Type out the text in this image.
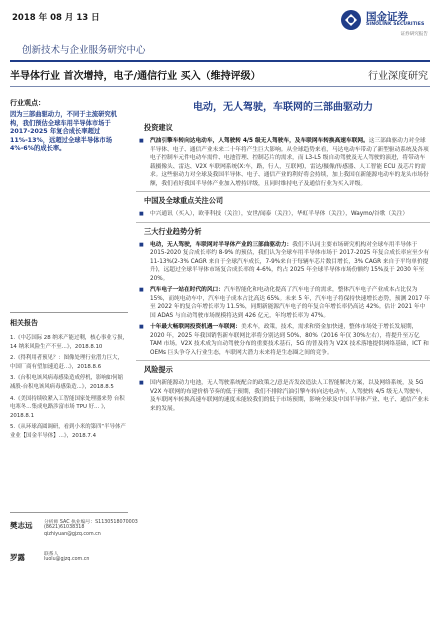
2018 年 08 月 13 日	国金证券
SINOLINK SECURITIES
证券研究报告
创新技术与企业服务研究中心
半导体行业 首次增持，电子/通信行业 买入（维持评级）	行业深度研究
行业观点：
因为三部曲驱动力，不同于主流研究机构，我们预估全球车用半导体市场于 2017-2025 年复合成长率超过 11%-13%，远超过全球半导体市场 4%-6%的成长率。
相关报告
1.《中芯国际 28 纳米产能过剩，核心事业亏损，14 纳米风险生产不至...》，2018.8.10
2.《得利用者预见？：图像处理行业潜力巨大，中国厂商有望加速追赶...》，2018.8.6
3.《台积电该风病毒感染造成停机，影响如何缩减股-台积电该风病毒感染造...》，2018.8.5
4.《美国持续收紧入工智能国家处理器来势 台积电寒冬…集成电路涉富市场 TPU 好… 》，2018.8.1
5.《从环球高圆调研，看到小米的第四“半导体产业业【国金半导体】…》，2018.7.4
樊志远 分析师 SAC 执业编号：S1130518070003
(8621)61038318
qizhiyuan@gjzq.com.cn
罗露	联系人
luolu@gjzq.com.cn
电动，无人驾驶，车联网的三部曲驱动力
投资建议
■ 汽油引擎车转向达电动车，人驾驶转 4/5 级无人驾驶车，及车联网车转换高速车联网。这三部曲驱动力对全球半导体、电子、通信产业未来二十年将产生巨大影响。从全球趋势来看，马达电动车带动了新型驱动系统及各项电子控制车元件电动车需件、电池管理、控制芯片的需求，而 L3-L5 级自动驾驶及无人驾驶的演进，将带动车载摄像头、雷达、V2X 车联网系统(X:车，路，行人，互联网)，雷达/摄像/传感器、人工智能 ECU 及芯片的需求。这些驱动力对全球及我国半导体、电子、通信产业的利好将会持续，加上我国在新能源电动车的龙头市场份额，我们看好我国半导体产业加入增持评级，且同时维持电子及通信行业为买入评级。
中国及全球重点关注公司
■ 中兴通讯（买入），欧菲科技（关注），安世/闻泰（关注），华虹半导体（关注），Waymo/谷歌（关注）
三大行业趋势分析
■ 电动，无人驾驶，车联网对半导体产业的三部曲驱动力：我们不认同主要市场研究机构对全球车用半导体于 2015-2020 复合成长率约 8-9% 的预估，我们认为全球车用半导体市场于 2017-2025 年复合成长率应至少有 11-13%(2-3% CAGR 来自于全球汽车成长，7-9%来自于每辆车芯片数目增长，3% CAGR 来自于平均单价提升)，远超过全球半导体市场复合成长率的 4-6%，约占 2025 年全球半导体市场份额约 15%及于 2030 年至 20%。
■ 汽车电子一站在时代的风口：汽车智能化和电动化提高了汽车电子的需求，整体汽车电子产业成本占比仅为 15%，而纯电动车中，汽车电子成本占比高达 65%。未来 5 年，汽车电子将保持快速增长态势，预测 2017 年至 2022 年的复合年增长率为 11.5%，同期新能源汽车电子的年复合年增长率仍高达 42%。估计 2021 年中国 ADAS 与自动驾驶市场规模将达到 426 亿元，年均增长率为 47%。
■ 十年最大畅联网投资机遇一车联网：美术车，政策，技术，需求和资金加快速，整体市场处于增长发展期，2020 年，2025 年我国销售新车联网比率将分别达到 50%、80%（2016 年仅 30%左右），将提升至万亿 TAM 市场。V2X 技术成为自动驾驶分布的重要技术基石，5G 的普及将为 V2X 技术落地提供网络基础，ICT 和 OEMs 巨头争夺入行业生态，车联网大潜力未来将是生态圈之间的竞争。
风险提示
■ 国内新能源动力电池，无人驾驶系统配合的政策之/意是否发改造法人工智能解决方案，以及网络系统，及 5G V2X 车联网的布建价格节奏的低于预期，我们不排除汽油引擎车转向达电动车，人驾驶转 4/5 级无人驾驶车，及车联网车转换高速车联网的速度未能较我们的低于市场预期，影响全球及中国半导体产业、电子、通信产业未来的发展。
